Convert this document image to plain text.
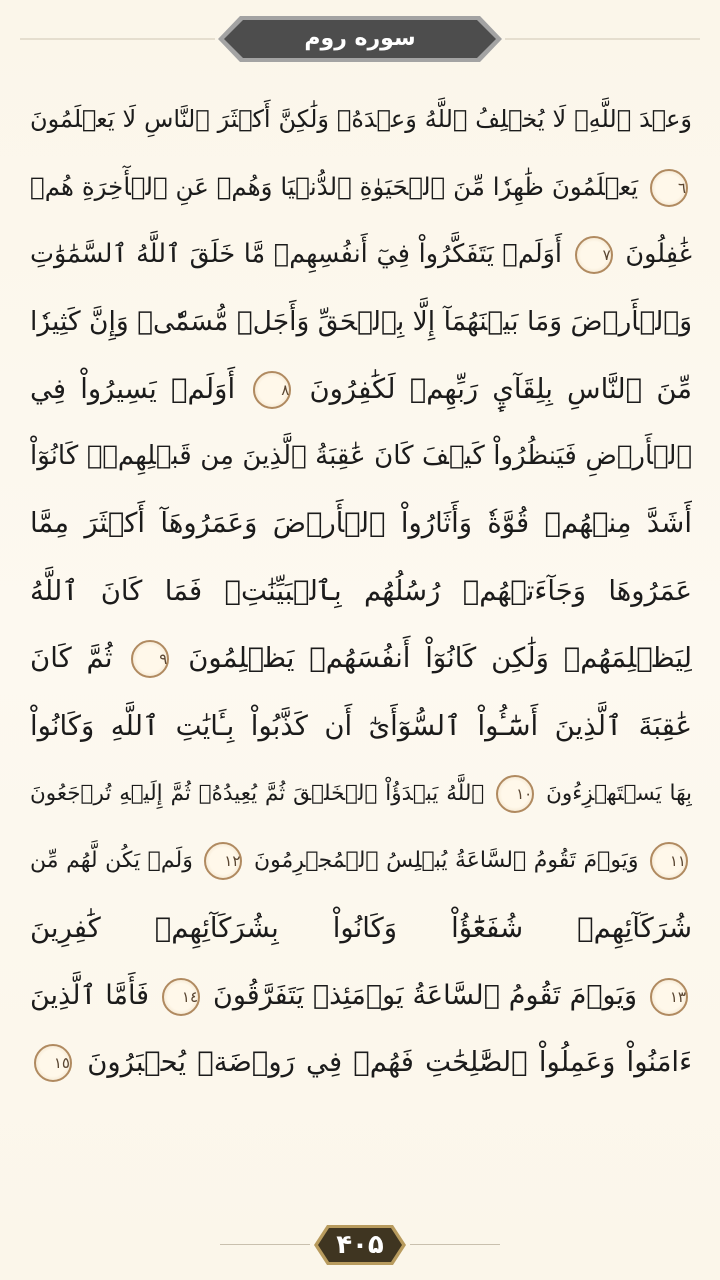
سوره روم
وَعۡدَ ٱللَّهِۖ لَا يُخۡلِفُ ٱللَّهُ وَعۡدَهُۥ وَلَٰكِنَّ أَكۡثَرَ ٱلنَّاسِ لَا يَعۡلَمُونَ
٦ يَعۡلَمُونَ ظَٰهِرٗا مِّنَ ٱلۡحَيَوٰةِ ٱلدُّنۡيَا وَهُمۡ عَنِ ٱلۡأٓخِرَةِ هُمۡ
غَٰفِلُونَ ٧ أَوَلَمۡ يَتَفَكَّرُواْ فِيٓ أَنفُسِهِمۗ مَّا خَلَقَ ٱللَّهُ ٱلسَّمَٰوَٰتِ
وَٱلۡأَرۡضَ وَمَا بَيۡنَهُمَآ إِلَّا بِٱلۡحَقِّ وَأَجَلٖ مُّسَمّٗىۗ وَإِنَّ كَثِيرٗا
مِّنَ ٱلنَّاسِ بِلِقَآيِٕ رَبِّهِمۡ لَكَٰفِرُونَ ٨ أَوَلَمۡ يَسِيرُواْ فِي
ٱلۡأَرۡضِ فَيَنظُرُواْ كَيۡفَ كَانَ عَٰقِبَةُ ٱلَّذِينَ مِن قَبۡلِهِمۡۚ كَانُوٓاْ
أَشَدَّ مِنۡهُمۡ قُوَّةٗ وَأَثَارُواْ ٱلۡأَرۡضَ وَعَمَرُوهَآ أَكۡثَرَ مِمَّا
عَمَرُوهَا وَجَآءَتۡهُمۡ رُسُلُهُم بِٱلۡبَيِّنَٰتِۖ فَمَا كَانَ ٱللَّهُ
لِيَظۡلِمَهُمۡ وَلَٰكِن كَانُوٓاْ أَنفُسَهُمۡ يَظۡلِمُونَ ٩ ثُمَّ كَانَ
عَٰقِبَةَ ٱلَّذِينَ أَسَٰٓـُٔواْ ٱلسُّوٓأَىٰٓ أَن كَذَّبُواْ بِـَٔايَٰتِ ٱللَّهِ وَكَانُواْ
بِهَا يَسۡتَهۡزِءُونَ ١٠ ٱللَّهُ يَبۡدَؤُاْ ٱلۡخَلۡقَ ثُمَّ يُعِيدُهُۥ ثُمَّ إِلَيۡهِ تُرۡجَعُونَ
١١ وَيَوۡمَ تَقُومُ ٱلسَّاعَةُ يُبۡلِسُ ٱلۡمُجۡرِمُونَ ١٢ وَلَمۡ يَكُن لَّهُم مِّن
شُرَكَآئِهِمۡ شُفَعَٰٓؤُاْ وَكَانُواْ بِشُرَكَآئِهِمۡ كَٰفِرِينَ
١٣ وَيَوۡمَ تَقُومُ ٱلسَّاعَةُ يَوۡمَئِذٖ يَتَفَرَّقُونَ ١٤ فَأَمَّا ٱلَّذِينَ
ءَامَنُواْ وَعَمِلُواْ ٱلصَّٰلِحَٰتِ فَهُمۡ فِي رَوۡضَةٖ يُحۡبَرُونَ ١٥
۴۰۵
